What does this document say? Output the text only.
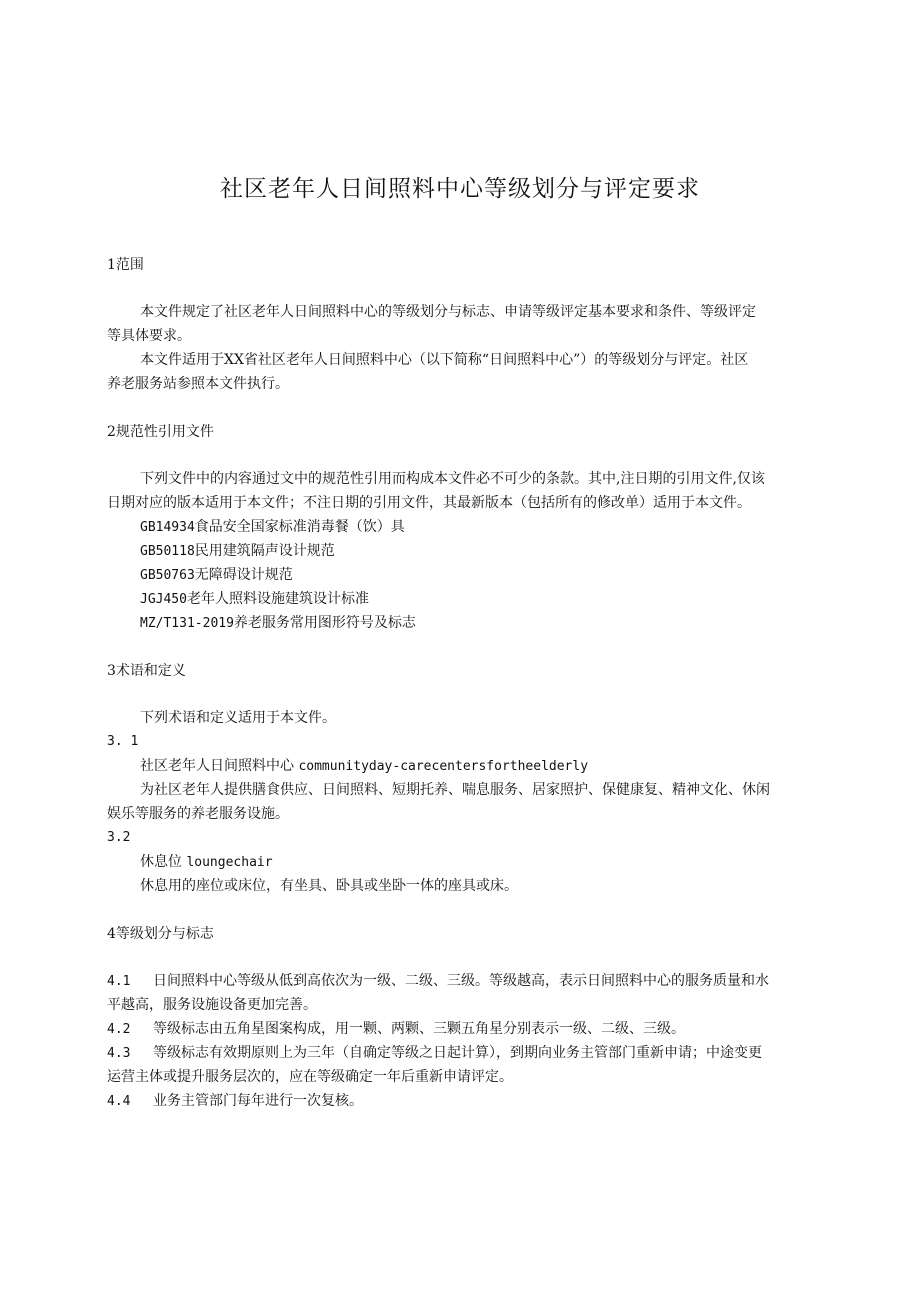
社区老年人日间照料中心等级划分与评定要求
1范围
本文件规定了社区老年人日间照料中心的等级划分与标志、申请等级评定基本要求和条件、等级评定
等具体要求。
本文件适用于XX省社区老年人日间照料中心（以下简称“日间照料中心”）的等级划分与评定。社区
养老服务站参照本文件执行。
2规范性引用文件
下列文件中的内容通过文中的规范性引用而构成本文件必不可少的条款。其中,注日期的引用文件,仅该
日期对应的版本适用于本文件；不注日期的引用文件，其最新版本（包括所有的修改单）适用于本文件。
GB14934食品安全国家标准消毒餐（饮）具
GB50118民用建筑隔声设计规范
GB50763无障碍设计规范
JGJ450老年人照料设施建筑设计标准
MZ/T131-2019养老服务常用图形符号及标志
3术语和定义
下列术语和定义适用于本文件。
3. 1
社区老年人日间照料中心 communityday-carecentersfortheelderly
为社区老年人提供膳食供应、日间照料、短期托养、喘息服务、居家照护、保健康复、精神文化、休闲
娱乐等服务的养老服务设施。
3.2
休息位 loungechair
休息用的座位或床位，有坐具、卧具或坐卧一体的座具或床。
4等级划分与标志
4.1 日间照料中心等级从低到高依次为一级、二级、三级。等级越高，表示日间照料中心的服务质量和水
平越高，服务设施设备更加完善。
4.2 等级标志由五角星图案构成，用一颗、两颗、三颗五角星分别表示一级、二级、三级。
4.3 等级标志有效期原则上为三年（自确定等级之日起计算），到期向业务主管部门重新申请；中途变更
运营主体或提升服务层次的，应在等级确定一年后重新申请评定。
4.4 业务主管部门每年进行一次复核。
